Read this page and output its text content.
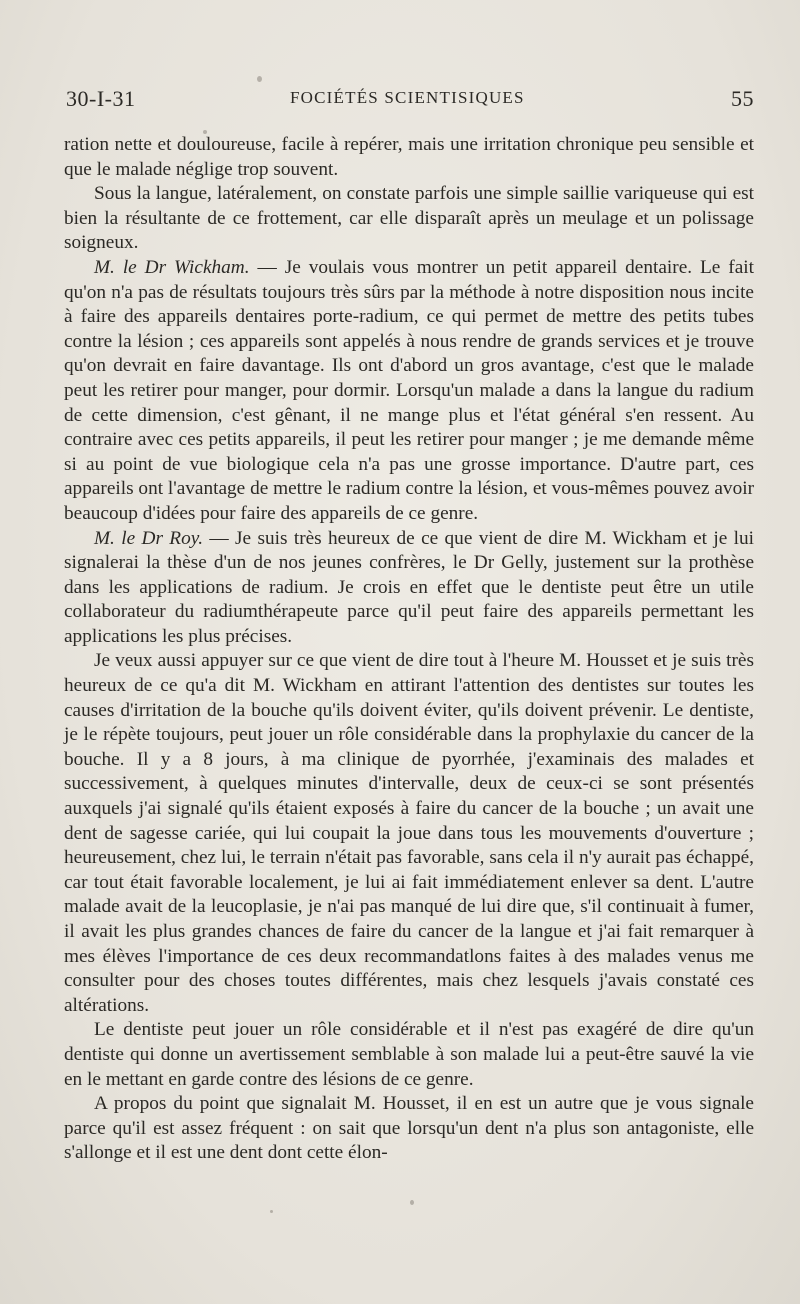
30-I-31	FOCIÉTÉS SCIENTISIQUES	55

ration nette et douloureuse, facile à repérer, mais une irritation chronique peu sensible et que le malade néglige trop souvent.

Sous la langue, latéralement, on constate parfois une simple saillie variqueuse qui est bien la résultante de ce frottement, car elle disparaît après un meulage et un polissage soigneux.

M. le Dr Wickham. — Je voulais vous montrer un petit appareil dentaire. Le fait qu'on n'a pas de résultats toujours très sûrs par la méthode à notre disposition nous incite à faire des appareils dentaires porte-radium, ce qui permet de mettre des petits tubes contre la lésion ; ces appareils sont appelés à nous rendre de grands services et je trouve qu'on devrait en faire davantage. Ils ont d'abord un gros avantage, c'est que le malade peut les retirer pour manger, pour dormir. Lorsqu'un malade a dans la langue du radium de cette dimension, c'est gênant, il ne mange plus et l'état général s'en ressent. Au contraire avec ces petits appareils, il peut les retirer pour manger ; je me demande même si au point de vue biologique cela n'a pas une grosse importance. D'autre part, ces appareils ont l'avantage de mettre le radium contre la lésion, et vous-mêmes pouvez avoir beaucoup d'idées pour faire des appareils de ce genre.

M. le Dr Roy. — Je suis très heureux de ce que vient de dire M. Wickham et je lui signalerai la thèse d'un de nos jeunes confrères, le Dr Gelly, justement sur la prothèse dans les applications de radium. Je crois en effet que le dentiste peut être un utile collaborateur du radiumthérapeute parce qu'il peut faire des appareils permettant les applications les plus précises.

Je veux aussi appuyer sur ce que vient de dire tout à l'heure M. Housset et je suis très heureux de ce qu'a dit M. Wickham en attirant l'attention des dentistes sur toutes les causes d'irritation de la bouche qu'ils doivent éviter, qu'ils doivent prévenir. Le dentiste, je le répète toujours, peut jouer un rôle considérable dans la prophylaxie du cancer de la bouche. Il y a 8 jours, à ma clinique de pyorrhée, j'examinais des malades et successivement, à quelques minutes d'intervalle, deux de ceux-ci se sont présentés auxquels j'ai signalé qu'ils étaient exposés à faire du cancer de la bouche ; un avait une dent de sagesse cariée, qui lui coupait la joue dans tous les mouvements d'ouverture ; heureusement, chez lui, le terrain n'était pas favorable, sans cela il n'y aurait pas échappé, car tout était favorable localement, je lui ai fait immédiatement enlever sa dent. L'autre malade avait de la leucoplasie, je n'ai pas manqué de lui dire que, s'il continuait à fumer, il avait les plus grandes chances de faire du cancer de la langue et j'ai fait remarquer à mes élèves l'importance de ces deux recommandatlons faites à des malades venus me consulter pour des choses toutes différentes, mais chez lesquels j'avais constaté ces altérations.

Le dentiste peut jouer un rôle considérable et il n'est pas exagéré de dire qu'un dentiste qui donne un avertissement semblable à son malade lui a peut-être sauvé la vie en le mettant en garde contre des lésions de ce genre.

A propos du point que signalait M. Housset, il en est un autre que je vous signale parce qu'il est assez fréquent : on sait que lorsqu'un dent n'a plus son antagoniste, elle s'allonge et il est une dent dont cette élon-
